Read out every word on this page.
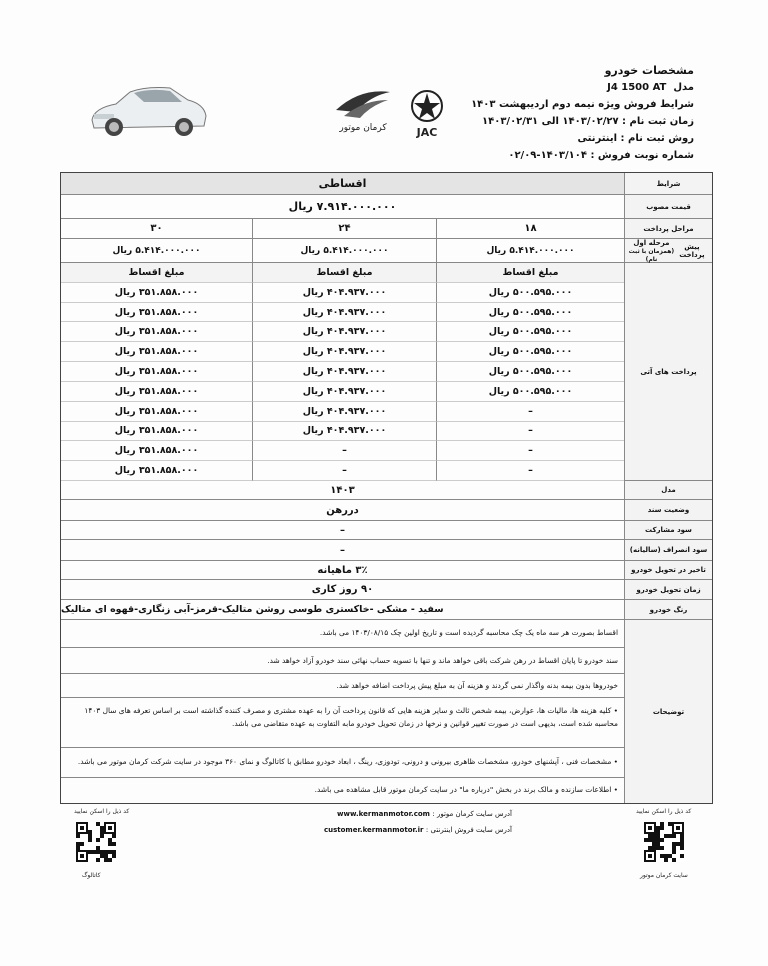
کرمان موتور	JAC
مشخصات خودرو
مدل  J4 1500 AT
شرایط فروش ویژه نیمه دوم اردیبهشت ۱۴۰۳
زمان ثبت نام : ۱۴۰۳/۰۲/۲۷ الی ۱۴۰۳/۰۲/۳۱
روش ثبت نام : اینترنتی
شماره نوبت فروش : ۱۴۰۳/۱۰۴-۰۲/۰۹
شرایط
اقساطی
قیمت مصوب
۷.۹۱۴.۰۰۰.۰۰۰ ریال
مراحل پرداخت
۱۸
۲۴
۳۰
پیش پرداخت
مرحله اول
(همزمان با ثبت نام)
۵.۴۱۴.۰۰۰.۰۰۰ ریال
۵.۴۱۴.۰۰۰.۰۰۰ ریال
۵.۴۱۴.۰۰۰.۰۰۰ ریال
پرداخت های آتی
مبلغ اقساط
مبلغ اقساط
مبلغ اقساط
۵۰۰.۵۹۵.۰۰۰ ریال
۴۰۴.۹۳۷.۰۰۰ ریال
۳۵۱.۸۵۸.۰۰۰ ریال
۵۰۰.۵۹۵.۰۰۰ ریال
۴۰۴.۹۳۷.۰۰۰ ریال
۳۵۱.۸۵۸.۰۰۰ ریال
۵۰۰.۵۹۵.۰۰۰ ریال
۴۰۴.۹۳۷.۰۰۰ ریال
۳۵۱.۸۵۸.۰۰۰ ریال
۵۰۰.۵۹۵.۰۰۰ ریال
۴۰۴.۹۳۷.۰۰۰ ریال
۳۵۱.۸۵۸.۰۰۰ ریال
۵۰۰.۵۹۵.۰۰۰ ریال
۴۰۴.۹۳۷.۰۰۰ ریال
۳۵۱.۸۵۸.۰۰۰ ریال
۵۰۰.۵۹۵.۰۰۰ ریال
۴۰۴.۹۳۷.۰۰۰ ریال
۳۵۱.۸۵۸.۰۰۰ ریال
–
۴۰۴.۹۳۷.۰۰۰ ریال
۳۵۱.۸۵۸.۰۰۰ ریال
–
۴۰۴.۹۳۷.۰۰۰ ریال
۳۵۱.۸۵۸.۰۰۰ ریال
–
–
۳۵۱.۸۵۸.۰۰۰ ریال
–
–
۳۵۱.۸۵۸.۰۰۰ ریال
مدل
۱۴۰۳
وضعیت سند
دررهن
سود مشارکت
–
سود انصراف (سالیانه)
–
تاخیر در تحویل خودرو
۳٪ ماهیانه
زمان تحویل خودرو
۹۰ روز کاری
رنگ خودرو
سفید - مشکی -خاکستری طوسی روشن متالیک-قرمز-آبی زنگاری-قهوه ای متالیک
توضیحات
اقساط بصورت هر سه ماه یک چک محاسبه گردیده است و تاریخ اولین چک ۱۴۰۳/۰۸/۱۵ می باشد.
سند خودرو تا پایان اقساط در رهن شرکت باقی خواهد ماند و تنها با تسویه حساب نهائی سند خودرو آزاد خواهد شد.
خودروها بدون بیمه بدنه واگذار نمی گردند و هزینه آن به مبلغ پیش پرداخت اضافه خواهد شد.
• کلیه هزینه ها، مالیات ها، عوارض، بیمه شخص ثالث و سایر هزینه هایی که قانون پرداخت آن را به عهده مشتری و مصرف کننده گذاشته است بر اساس تعرفه های سال ۱۴۰۳ محاسبه شده است، بدیهی است در صورت تغییر قوانین و نرخها در زمان تحویل خودرو مابه التفاوت به عهده متقاضی می باشد.
• مشخصات فنی ، آپشنهای خودرو، مشخصات ظاهری بیرونی و درونی، تودوزی، رینگ ، ابعاد خودرو مطابق با کاتالوگ و نمای ۳۶۰ موجود در سایت شرکت کرمان موتور می باشد.
• اطلاعات سازنده و مالک برند در بخش "درباره ما" در سایت کرمان موتور قابل مشاهده می باشد.
آدرس سایت کرمان موتور : www.kermanmotor.com
آدرس سایت فروش اینترنتی : customer.kermanmotor.ir
کد ذیل را اسکن نمایید
کاتالوگ
کد ذیل را اسکن نمایید
سایت کرمان موتور
